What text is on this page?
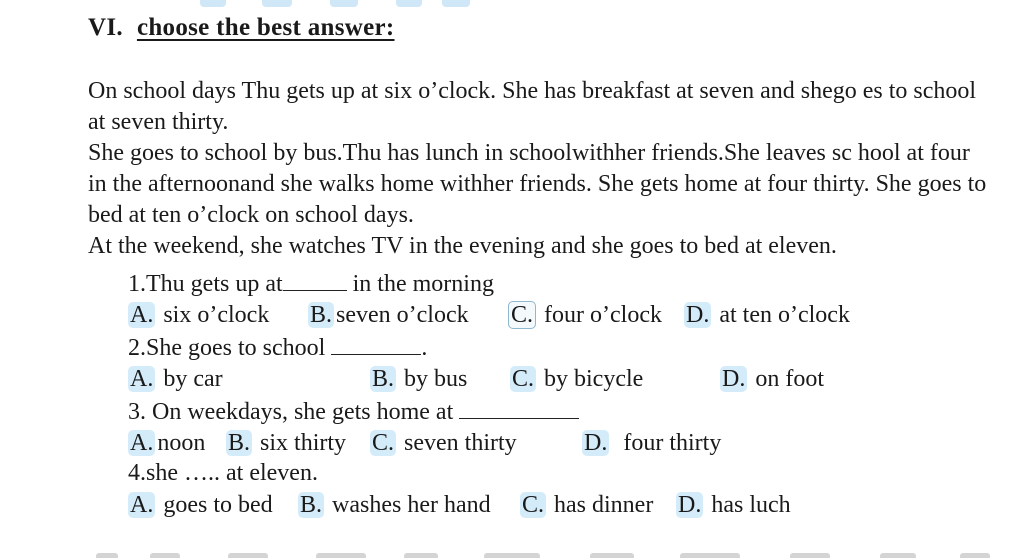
VI. choose the best answer:

On school days Thu gets up at six o’clock. She has breakfast at seven and shego es to school at seven thirty.

She goes to school by bus.Thu has lunch in schoolwithher friends.She leaves sc hool at four in the afternoonand she walks home withher friends. She gets home at four thirty. She goes to bed at ten o’clock on school days.

At the weekend, she watches TV in the evening and she goes to bed at eleven.

1.Thu gets up at	in the morning
A. six o’clock B. seven o’clock C. four o’clock D. at ten o’clock
2.She goes to school	.
A. by car	B. by bus C. by bicycle	D. on foot
3. On weekdays, she gets home at
A. noon B. six thirty C. seven thirty	D.  four thirty
4.she ….. at eleven.
A. goes to bed B. washes her hand C. has dinner D. has luch
